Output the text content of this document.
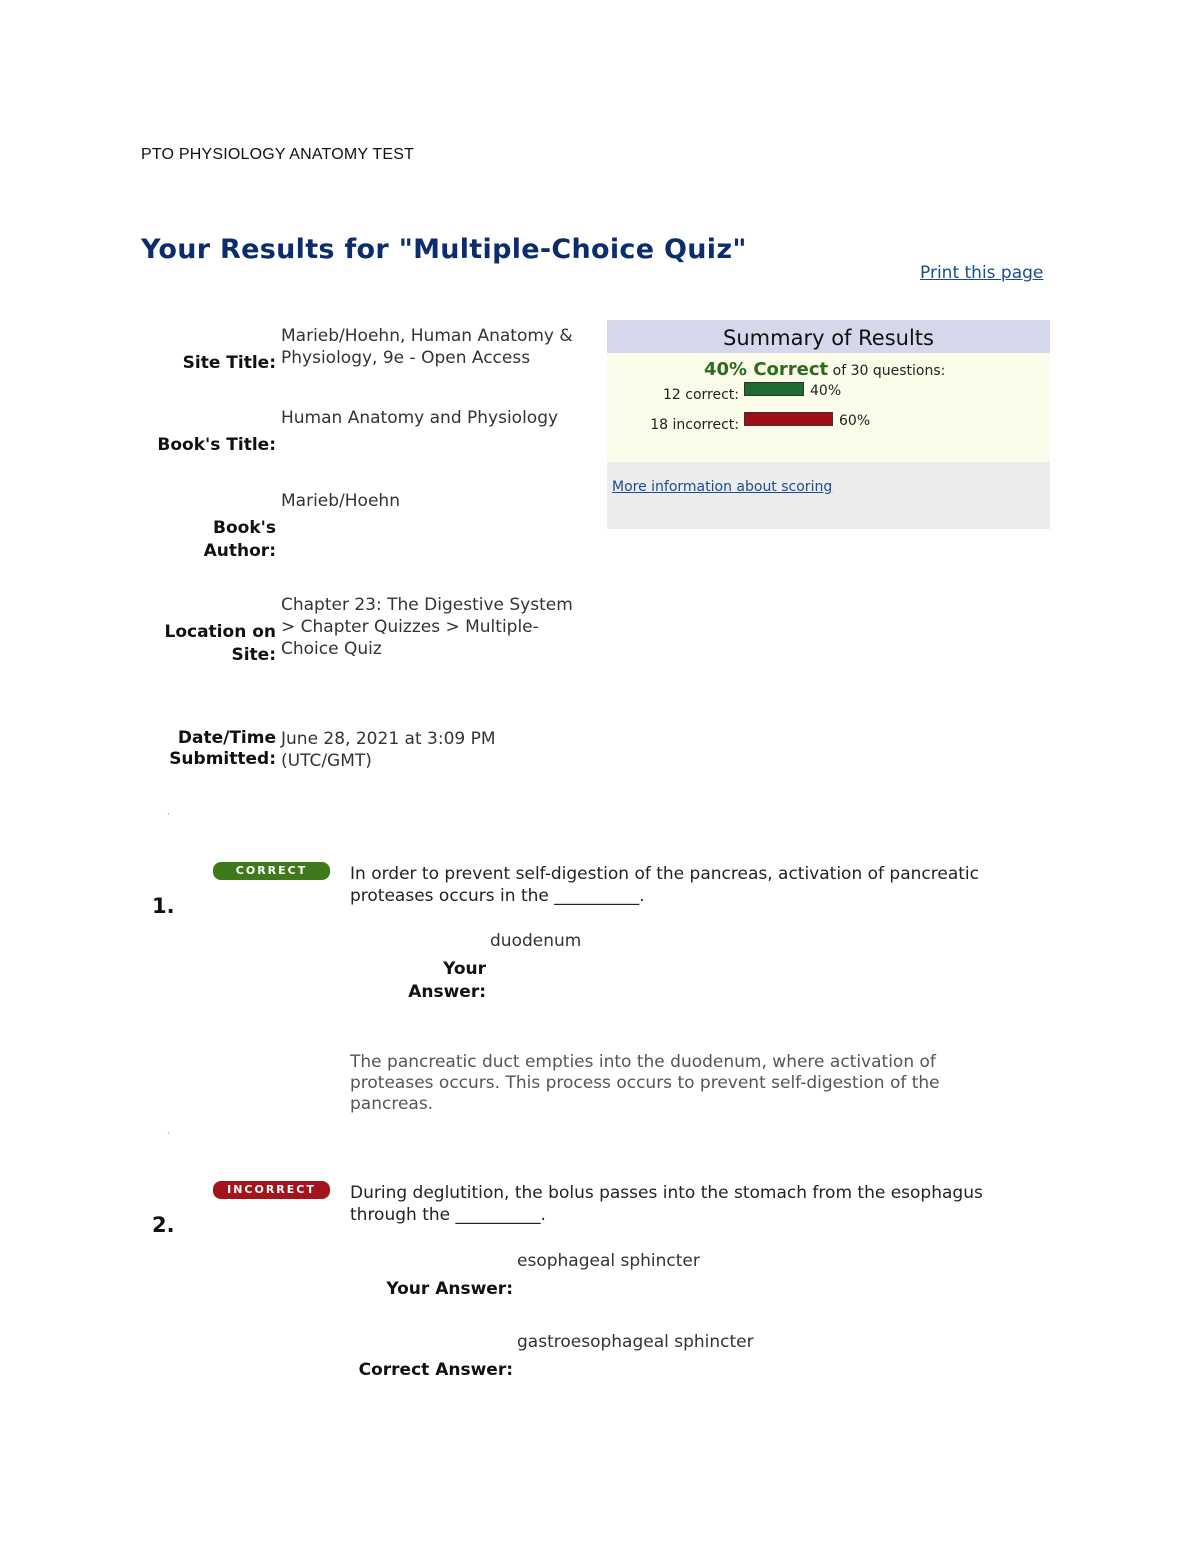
PTO PHYSIOLOGY ANATOMY TEST
Your Results for "Multiple-Choice Quiz"
Print this page
Site Title:
Marieb/Hoehn, Human Anatomy & Physiology, 9e - Open Access
Book's Title:
Human Anatomy and Physiology
Book's
Author:
Marieb/Hoehn
Location on
Site:
Chapter 23: The Digestive System > Chapter Quizzes > Multiple-Choice Quiz
Date/Time
Submitted:
June 28, 2021 at 3:09 PM (UTC/GMT)
Summary of Results
40% Correct of 30 questions:
12 correct:	40%
18 incorrect:	60%
More information about scoring
·
CORRECT
1.
In order to prevent self-digestion of the pancreas, activation of pancreatic proteases occurs in the __________.
duodenum
Your
Answer:
The pancreatic duct empties into the duodenum, where activation of proteases occurs. This process occurs to prevent self-digestion of the pancreas.
·
INCORRECT
2.
During deglutition, the bolus passes into the stomach from the esophagus through the __________.
esophageal sphincter
Your Answer:
gastroesophageal sphincter
Correct Answer:
